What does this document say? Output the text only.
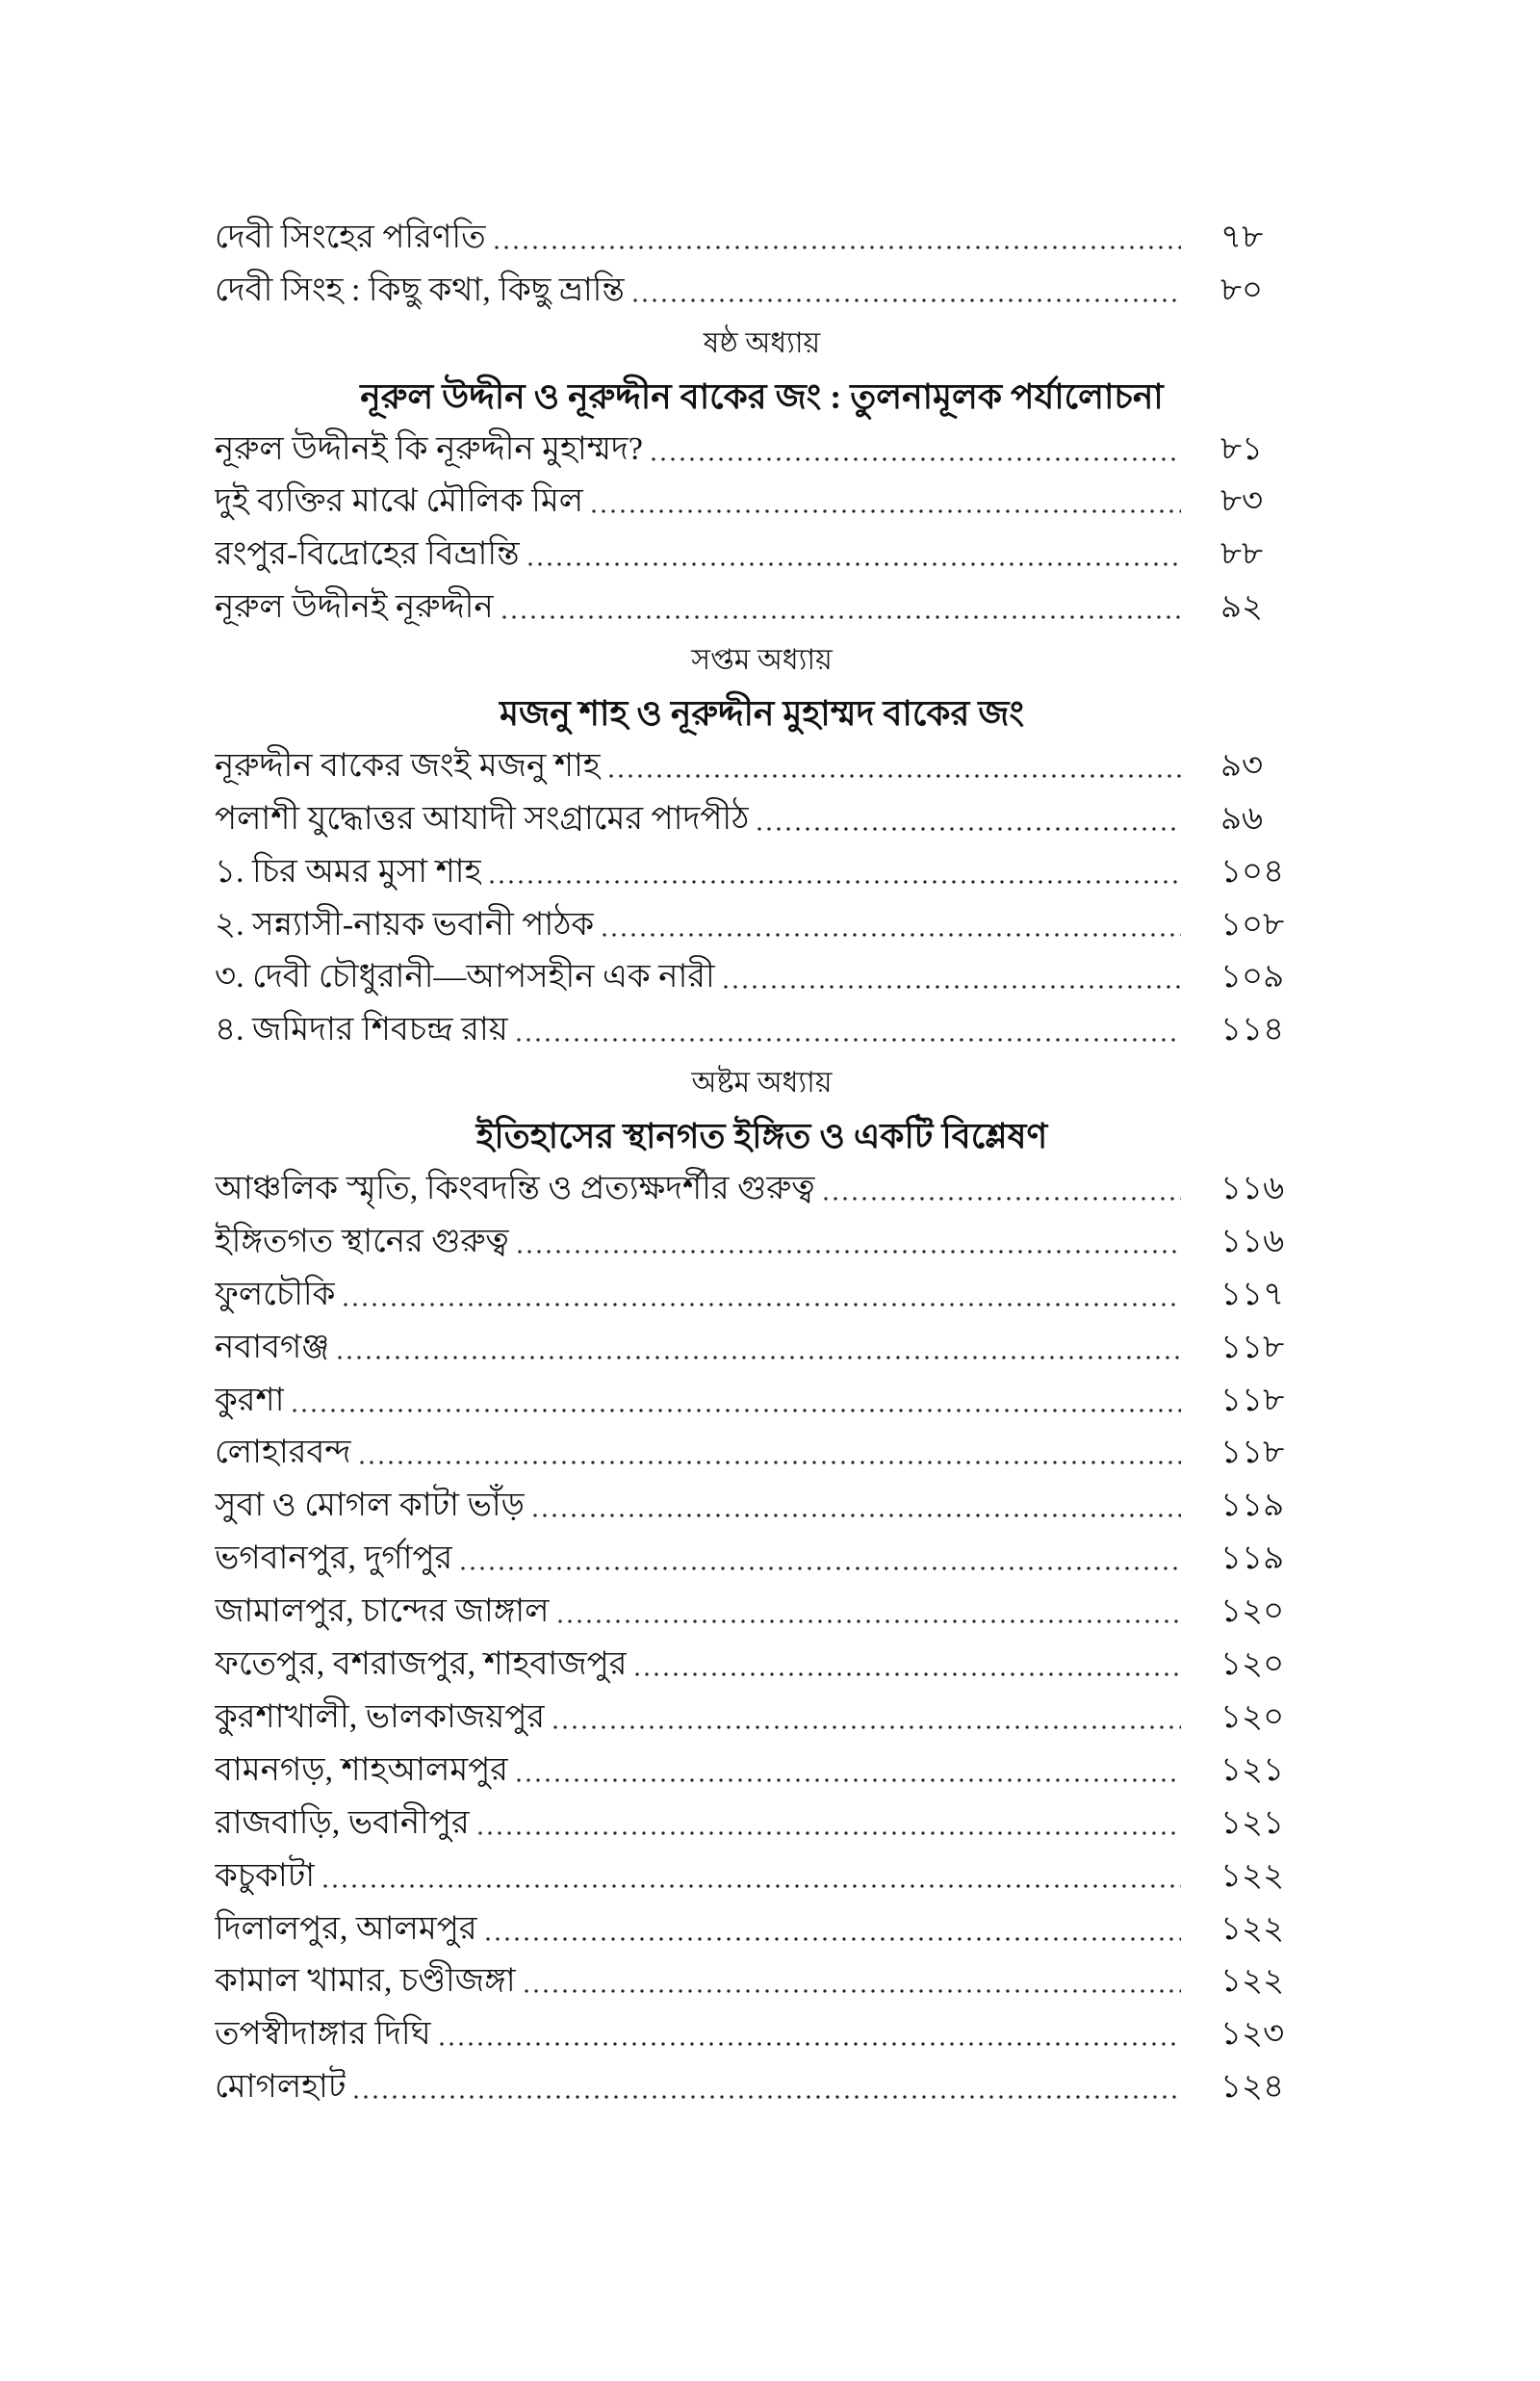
দেবী সিংহের পরিণতি	৭৮
দেবী সিংহ : কিছু কথা, কিছু ভ্রান্তি	৮০
ষষ্ঠ অধ্যায়
নূরুল উদ্দীন ও নূরুদ্দীন বাকের জং : তুলনামূলক পর্যালোচনা
নূরুল উদ্দীনই কি নূরুদ্দীন মুহাম্মদ?	৮১
দুই ব্যক্তির মাঝে মৌলিক মিল	৮৩
রংপুর-বিদ্রোহের বিভ্রান্তি	৮৮
নূরুল উদ্দীনই নূরুদ্দীন	৯২
সপ্তম অধ্যায়
মজনু শাহ ও নূরুদ্দীন মুহাম্মদ বাকের জং
নূরুদ্দীন বাকের জংই মজনু শাহ	৯৩
পলাশী যুদ্ধোত্তর আযাদী সংগ্রামের পাদপীঠ	৯৬
১. চির অমর মুসা শাহ	১০৪
২. সন্ন্যাসী-নায়ক ভবানী পাঠক	১০৮
৩. দেবী চৌধুরানী—আপসহীন এক নারী	১০৯
৪. জমিদার শিবচন্দ্র রায়	১১৪
অষ্টম অধ্যায়
ইতিহাসের স্থানগত ইঙ্গিত ও একটি বিশ্লেষণ
আঞ্চলিক স্মৃতি, কিংবদন্তি ও প্রত্যক্ষদর্শীর গুরুত্ব	১১৬
ইঙ্গিতগত স্থানের গুরুত্ব	১১৬
ফুলচৌকি	১১৭
নবাবগঞ্জ	১১৮
কুরশা	১১৮
লোহারবন্দ	১১৮
সুবা ও মোগল কাটা ভাঁড়	১১৯
ভগবানপুর, দুর্গাপুর	১১৯
জামালপুর, চান্দের জাঙ্গাল	১২০
ফতেপুর, বশরাজপুর, শাহবাজপুর	১২০
কুরশাখালী, ভালকাজয়পুর	১২০
বামনগড়, শাহআলমপুর	১২১
রাজবাড়ি, ভবানীপুর	১২১
কচুকাটা	১২২
দিলালপুর, আলমপুর	১২২
কামাল খামার, চণ্ডীজঙ্গা	১২২
তপস্বীদাঙ্গার দিঘি	১২৩
মোগলহাট	১২৪
